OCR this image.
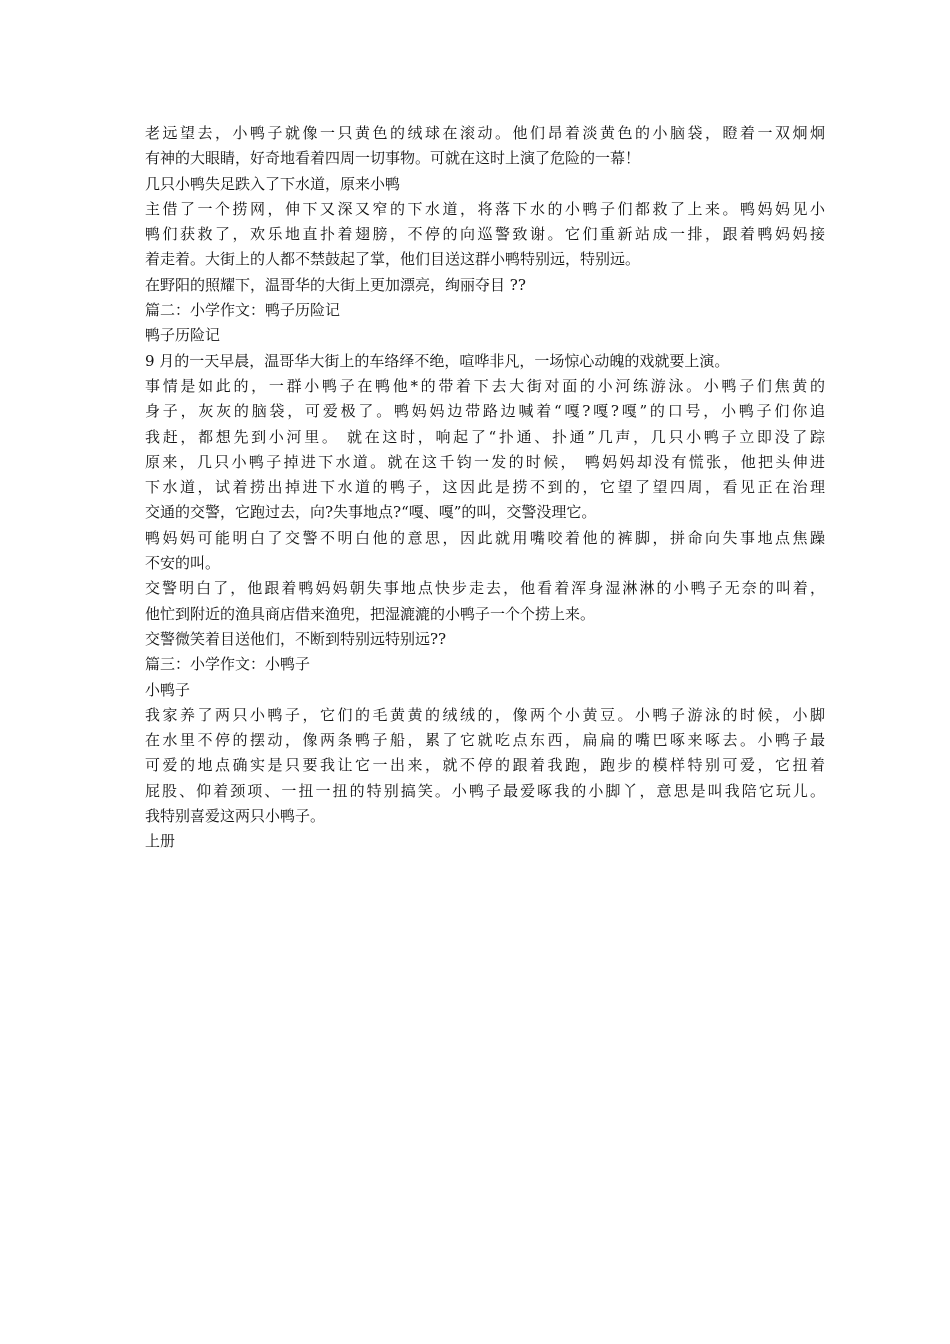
老远望去，小鸭子就像一只黄色的绒球在滚动。他们昂着淡黄色的小脑袋，瞪着一双炯炯
有神的大眼睛，好奇地看着四周一切事物。可就在这时上演了危险的一幕！
几只小鸭失足跌入了下水道，原来小鸭
主借了一个捞网，伸下又深又窄的下水道，将落下水的小鸭子们都救了上来。鸭妈妈见小
鸭们获救了，欢乐地直扑着翅膀，不停的向巡警致谢。它们重新站成一排，跟着鸭妈妈接
着走着。大街上的人都不禁鼓起了掌，他们目送这群小鸭特别远，特别远。
在野阳的照耀下，温哥华的大街上更加漂亮，绚丽夺目 ??
篇二：小学作文：鸭子历险记
鸭子历险记
9 月的一天早晨，温哥华大街上的车络绎不绝，喧哗非凡，一场惊心动魄的戏就要上演。
事情是如此的，一群小鸭子在鸭他*的带着下去大街对面的小河练游泳。小鸭子们焦黄的
身子，灰灰的脑袋，可爱极了。鸭妈妈边带路边喊着“嘎?嘎?嘎”的口号，小鸭子们你追
我赶，都想先到小河里。 就在这时，响起了“扑通、扑通”几声，几只小鸭子立即没了踪
原来，几只小鸭子掉进下水道。就在这千钧一发的时候， 鸭妈妈却没有慌张，他把头伸进
下水道，试着捞出掉进下水道的鸭子，这因此是捞不到的，它望了望四周，看见正在治理
交通的交警，它跑过去，向?失事地点?“嘎、嘎”的叫，交警没理它。
鸭妈妈可能明白了交警不明白他的意思，因此就用嘴咬着他的裤脚，拼命向失事地点焦躁
不安的叫。
交警明白了，他跟着鸭妈妈朝失事地点快步走去，他看着浑身湿淋淋的小鸭子无奈的叫着，
他忙到附近的渔具商店借来渔兜，把湿漉漉的小鸭子一个个捞上来。
交警微笑着目送他们，不断到特别远特别远??
篇三：小学作文：小鸭子
小鸭子
我家养了两只小鸭子，它们的毛黄黄的绒绒的，像两个小黄豆。小鸭子游泳的时候，小脚
在水里不停的摆动，像两条鸭子船，累了它就吃点东西，扁扁的嘴巴啄来啄去。小鸭子最
可爱的地点确实是只要我让它一出来，就不停的跟着我跑，跑步的模样特别可爱，它扭着
屁股、仰着颈项、一扭一扭的特别搞笑。小鸭子最爱啄我的小脚丫，意思是叫我陪它玩儿。
我特别喜爱这两只小鸭子。
上册
